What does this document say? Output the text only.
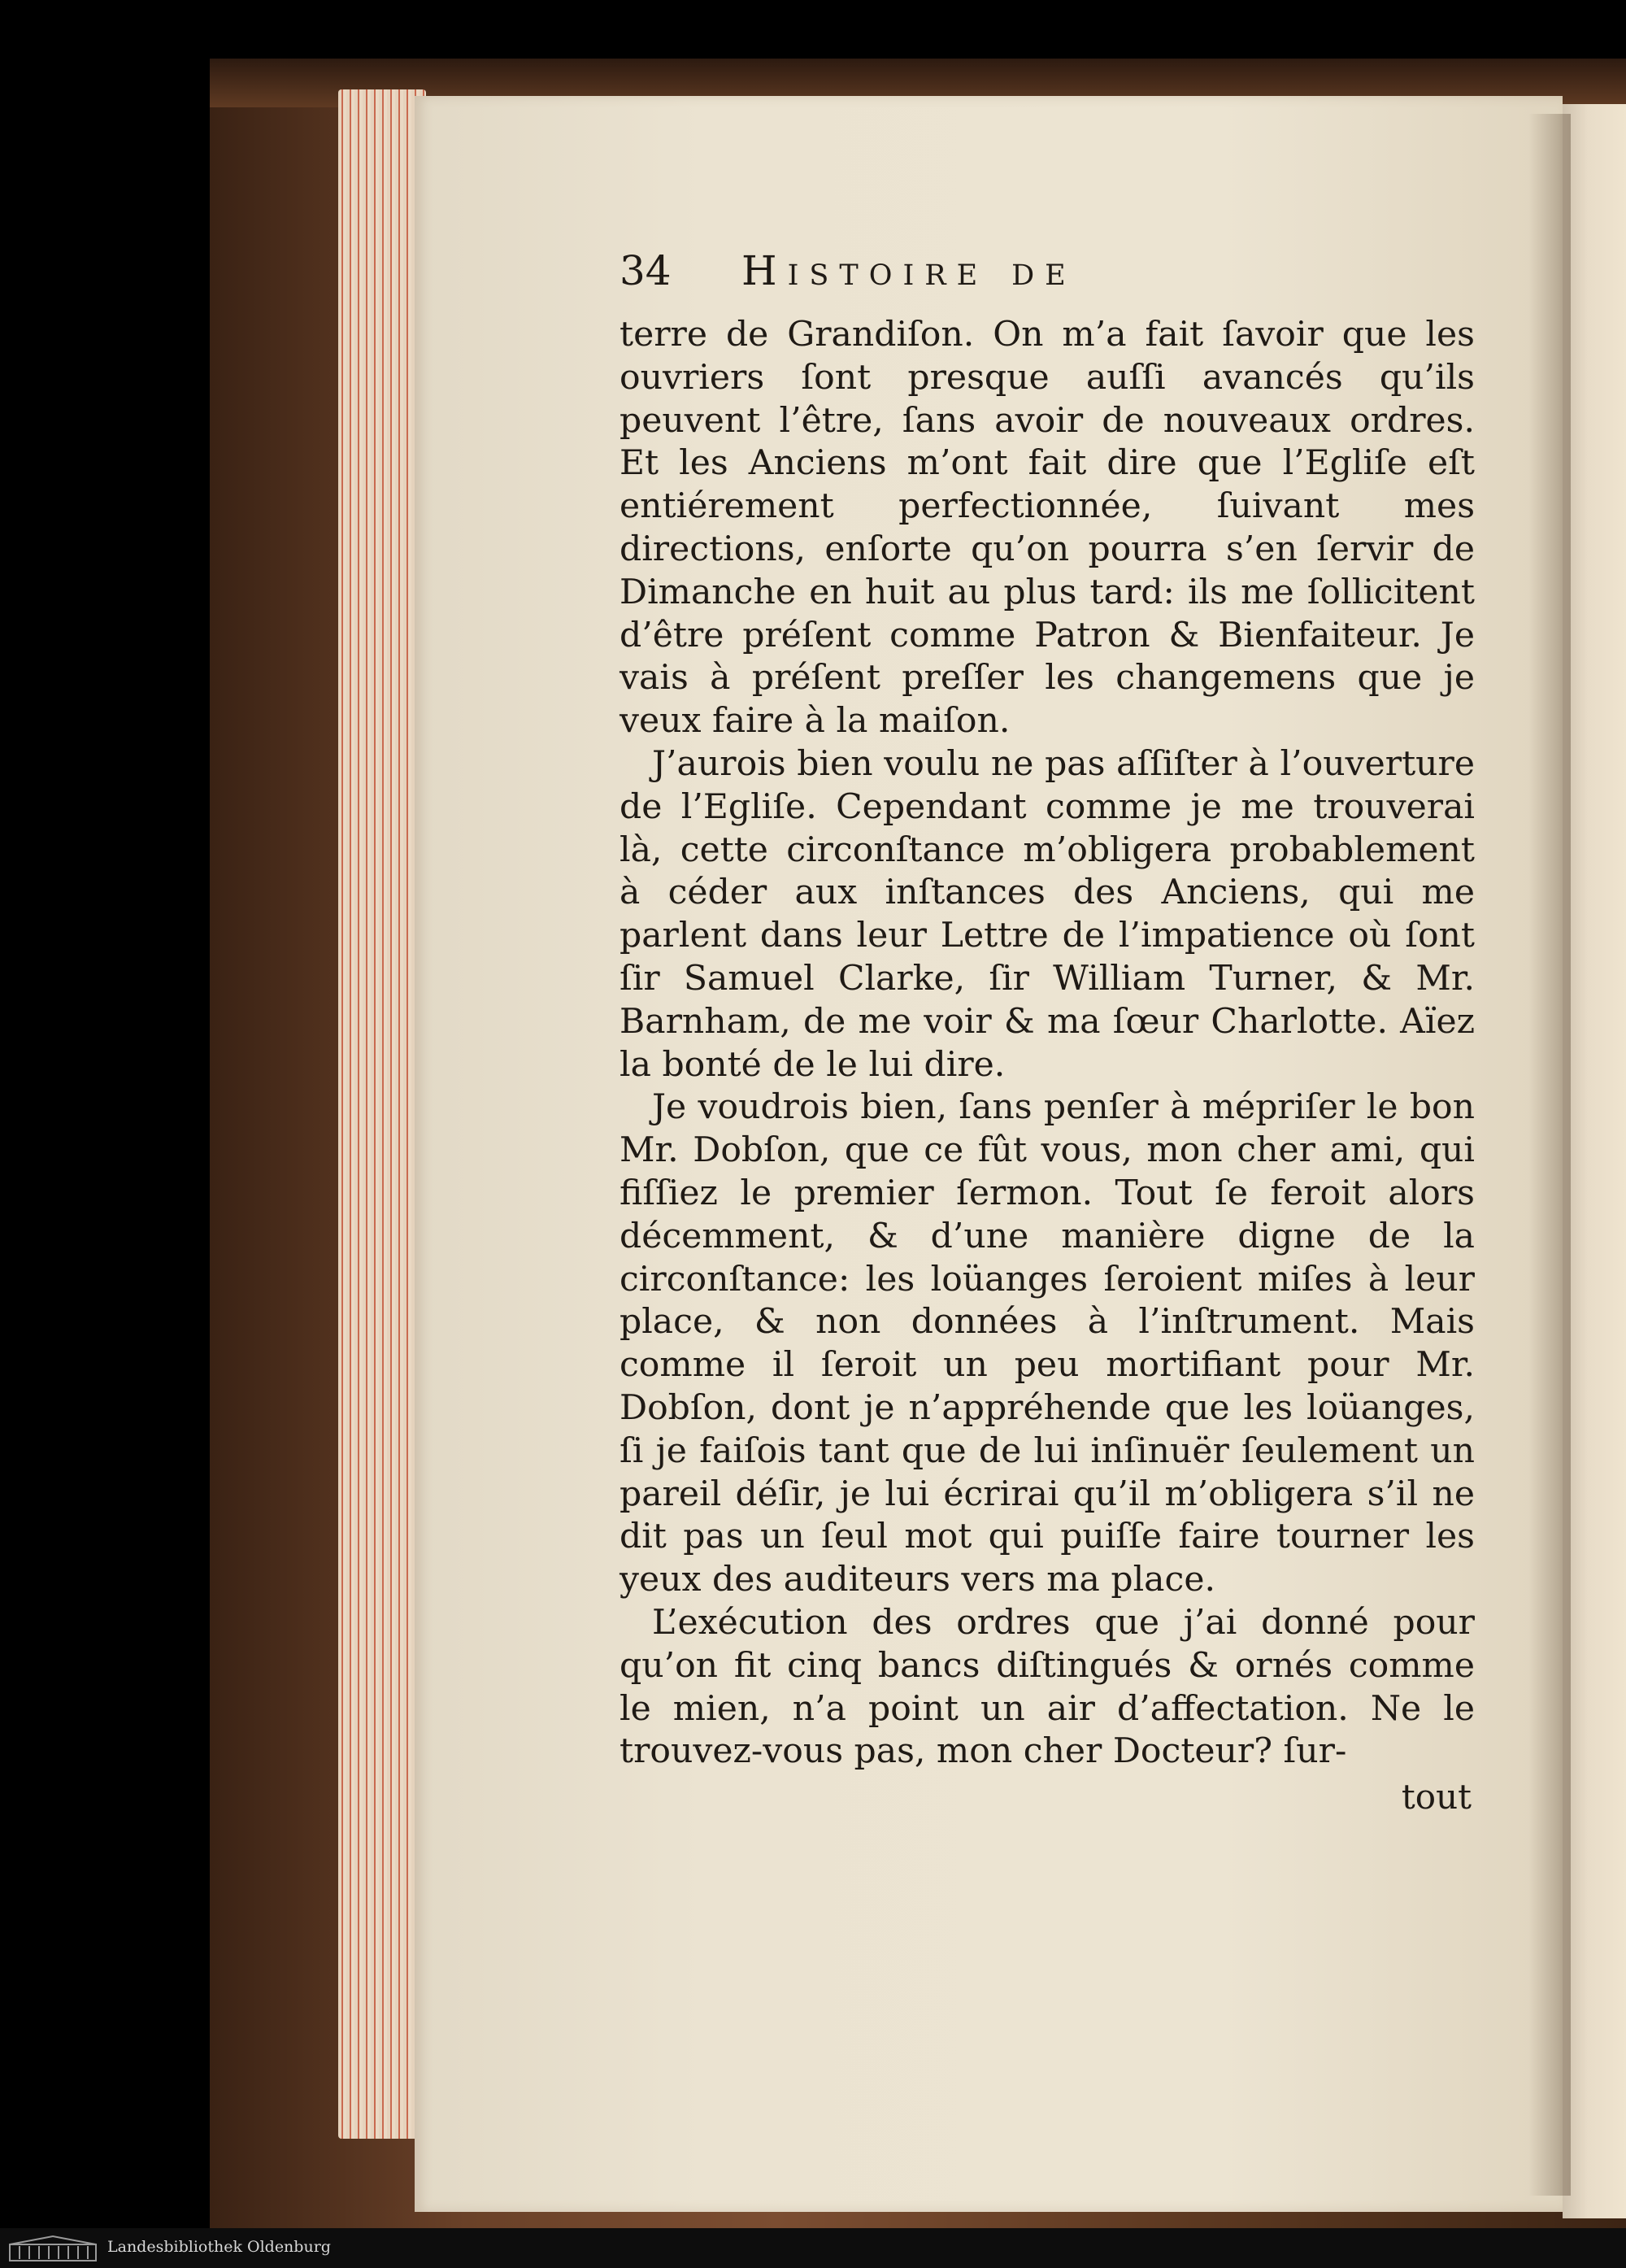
34 Histoire de

terre de Grandiſon. On m’a fait ſavoir que les ouvriers ſont presque auſſi avancés qu’ils peuvent l’être, ſans avoir de nouveaux ordres. Et les Anciens m’ont fait dire que l’Egliſe eſt entiérement perfectionnée, ſuivant mes directions, enſorte qu’on pourra s’en ſervir de Dimanche en huit au plus tard: ils me ſollicitent d’être préſent comme Patron & Bienfaiteur. Je vais à préſent preſſer les changemens que je veux faire à la maiſon.

J’aurois bien voulu ne pas aſſiſter à l’ouverture de l’Egliſe. Cependant comme je me trouverai là, cette circonſtance m’obligera probablement à céder aux inſtances des Anciens, qui me parlent dans leur Lettre de l’impatience où ſont ſir Samuel Clarke, ſir William Turner, & Mr. Barnham, de me voir & ma ſœur Charlotte. Aïez la bonté de le lui dire.

Je voudrois bien, ſans penſer à mépriſer le bon Mr. Dobſon, que ce fût vous, mon cher ami, qui fiſſiez le premier ſermon. Tout ſe feroit alors décemment, & d’une manière digne de la circonſtance: les loüanges ſeroient miſes à leur place, & non données à l’inſtrument. Mais comme il ſeroit un peu mortifiant pour Mr. Dobſon, dont je n’appréhende que les loüanges, ſi je faiſois tant que de lui inſinuër ſeulement un pareil déſir, je lui écrirai qu’il m’obligera s’il ne dit pas un ſeul mot qui puiſſe faire tourner les yeux des auditeurs vers ma place.

L’exécution des ordres que j’ai donné pour qu’on fit cinq bancs diſtingués & ornés comme le mien, n’a point un air d’affectation. Ne le trouvez-vous pas, mon cher Docteur? ſur-

tout
Landesbibliothek Oldenburg
